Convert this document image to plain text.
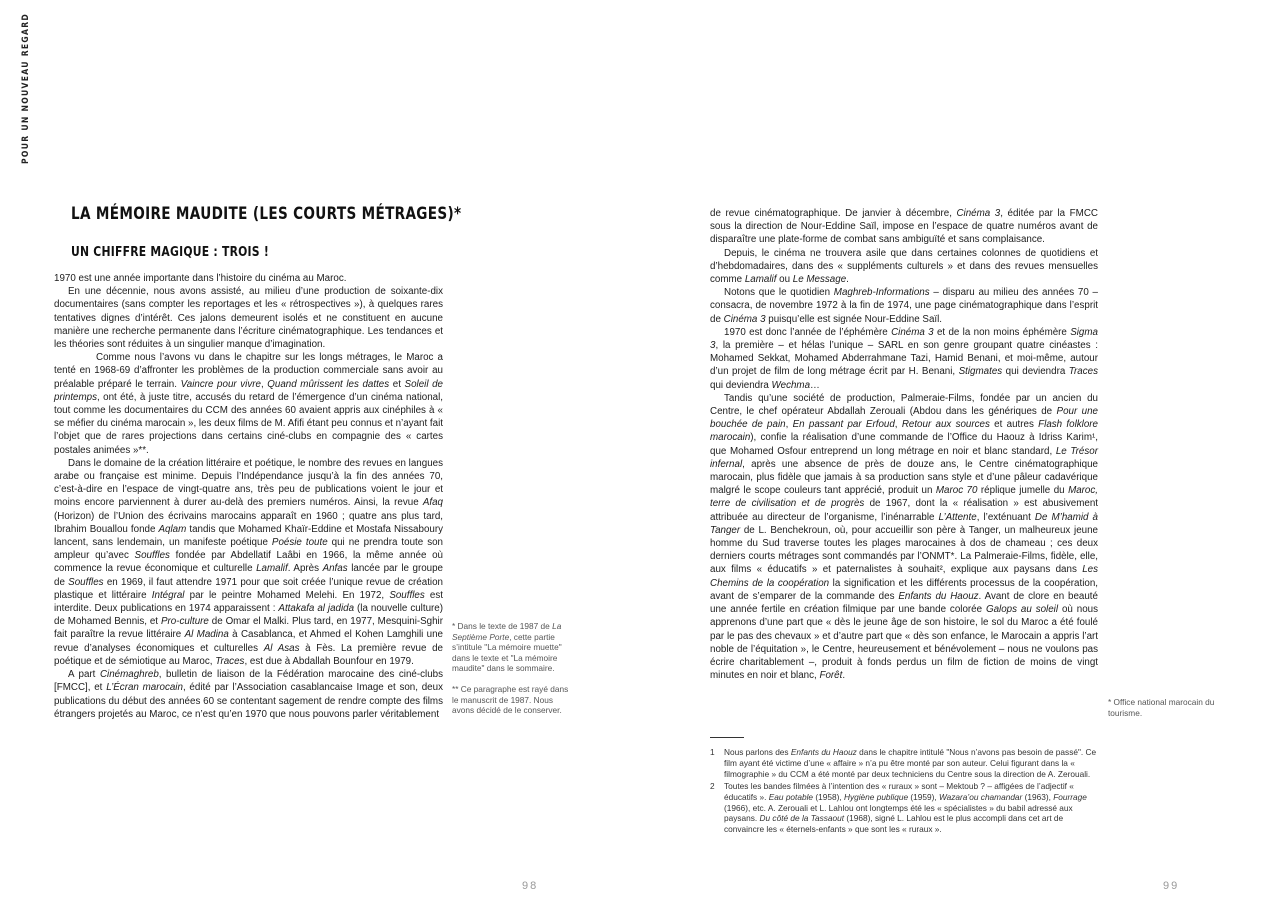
POUR UN NOUVEAU REGARD
LA MÉMOIRE MAUDITE (LES COURTS MÉTRAGES)*
UN CHIFFRE MAGIQUE : TROIS !

1970 est une année importante dans l’histoire du cinéma au Maroc.

En une décennie, nous avons assisté, au milieu d’une production de soixante-dix documentaires (sans compter les reportages et les « rétrospectives »), à quelques rares tentatives dignes d’intérêt. Ces jalons demeurent isolés et ne constituent en aucune manière une recherche permanente dans l’écriture cinématographique. Les tendances et les théories sont réduites à un singulier manque d’imagination.

Comme nous l’avons vu dans le chapitre sur les longs métrages, le Maroc a tenté en 1968-69 d’affronter les problèmes de la production commerciale sans avoir au préalable préparé le terrain. Vaincre pour vivre, Quand mûrissent les dattes et Soleil de printemps, ont été, à juste titre, accusés du retard de l’émergence d’un cinéma national, tout comme les documentaires du CCM des années 60 avaient appris aux cinéphiles à « se méfier du cinéma marocain », les deux films de M. Afifi étant peu connus et n’ayant fait l’objet que de rares projections dans certains ciné-clubs en compagnie des « cartes postales animées »**.

Dans le domaine de la création littéraire et poétique, le nombre des revues en langues arabe ou française est minime. Depuis l’Indépendance jusqu’à la fin des années 70, c’est-à-dire en l’espace de vingt-quatre ans, très peu de publications voient le jour et moins encore parviennent à durer au-delà des premiers numéros. Ainsi, la revue Afaq (Horizon) de l’Union des écrivains marocains apparaît en 1960 ; quatre ans plus tard, Ibrahim Bouallou fonde Aqlam tandis que Mohamed Khaïr-Eddine et Mostafa Nissaboury lancent, sans lendemain, un manifeste poétique Poésie toute qui ne prendra toute son ampleur qu’avec Souffles fondée par Abdellatif Laâbi en 1966, la même année où commence la revue économique et culturelle Lamalif. Après Anfas lancée par le groupe de Souffles en 1969, il faut attendre 1971 pour que soit créée l’unique revue de création plastique et littéraire Intégral par le peintre Mohamed Melehi. En 1972, Souffles est interdite. Deux publications en 1974 apparaissent : Attakafa al jadida (la nouvelle culture) de Mohamed Bennis, et Pro-culture de Omar el Malki. Plus tard, en 1977, Mesquini-Sghir fait paraître la revue littéraire Al Madina à Casablanca, et Ahmed el Kohen Lamghili une revue d’analyses économiques et culturelles Al Asas à Fès. La première revue de poétique et de sémiotique au Maroc, Traces, est due à Abdallah Bounfour en 1979.

A part Cinémaghreb, bulletin de liaison de la Fédération marocaine des ciné-clubs [FMCC], et L’Écran marocain, édité par l’Association casablancaise Image et son, deux publications du début des années 60 se contentant sagement de rendre compte des films étrangers projetés au Maroc, ce n’est qu’en 1970 que nous pouvons parler véritablement

* Dans le texte de 1987 de La Septième Porte, cette partie s’intitule "La mémoire muette" dans le texte et "La mémoire maudite" dans le sommaire.

** Ce paragraphe est rayé dans le manuscrit de 1987. Nous avons décidé de le conserver.

de revue cinématographique. De janvier à décembre, Cinéma 3, éditée par la FMCC sous la direction de Nour-Eddine Saïl, impose en l’espace de quatre numéros avant de disparaître une plate-forme de combat sans ambiguïté et sans complaisance.

Depuis, le cinéma ne trouvera asile que dans certaines colonnes de quotidiens et d’hebdomadaires, dans des « suppléments culturels » et dans des revues mensuelles comme Lamalif ou Le Message.

Notons que le quotidien Maghreb-Informations – disparu au milieu des années 70 – consacra, de novembre 1972 à la fin de 1974, une page cinématographique dans l’esprit de Cinéma 3 puisqu’elle est signée Nour-Eddine Saïl.

1970 est donc l’année de l’éphémère Cinéma 3 et de la non moins éphémère Sigma 3, la première – et hélas l’unique – SARL en son genre groupant quatre cinéastes : Mohamed Sekkat, Mohamed Abderrahmane Tazi, Hamid Benani, et moi-même, autour d’un projet de film de long métrage écrit par H. Benani, Stigmates qui deviendra Traces qui deviendra Wechma…

Tandis qu’une société de production, Palmeraie-Films, fondée par un ancien du Centre, le chef opérateur Abdallah Zerouali (Abdou dans les génériques de Pour une bouchée de pain, En passant par Erfoud, Retour aux sources et autres Flash folklore marocain), confie la réalisation d’une commande de l’Office du Haouz à Idriss Karim¹, que Mohamed Osfour entreprend un long métrage en noir et blanc standard, Le Trésor infernal, après une absence de près de douze ans, le Centre cinématographique marocain, plus fidèle que jamais à sa production sans style et d’une pâleur cadavérique malgré le scope couleurs tant apprécié, produit un Maroc 70 réplique jumelle du Maroc, terre de civilisation et de progrès de 1967, dont la « réalisation » est abusivement attribuée au directeur de l’organisme, l’inénarrable L’Attente, l’exténuant De M’hamid à Tanger de L. Benchekroun, où, pour accueillir son père à Tanger, un malheureux jeune homme du Sud traverse toutes les plages marocaines à dos de chameau ; ces deux derniers courts métrages sont commandés par l’ONMT*. La Palmeraie-Films, fidèle, elle, aux films « éducatifs » et paternalistes à souhait², explique aux paysans dans Les Chemins de la coopération la signification et les différents processus de la coopération, avant de s’emparer de la commande des Enfants du Haouz. Avant de clore en beauté une année fertile en création filmique par une bande colorée Galops au soleil où nous apprenons d’une part que « dès le jeune âge de son histoire, le sol du Maroc a été foulé par le pas des chevaux » et d’autre part que « dès son enfance, le Marocain a appris l’art noble de l’équitation », le Centre, heureusement et bénévolement – nous ne voulons pas écrire charitablement –, produit à fonds perdus un film de fiction de moins de vingt minutes en noir et blanc, Forêt.

* Office national marocain du tourisme.

1 Nous parlons des Enfants du Haouz dans le chapitre intitulé "Nous n’avons pas besoin de passé". Ce film ayant été victime d’une « affaire » n’a pu être monté par son auteur. Celui figurant dans la « filmographie » du CCM a été monté par deux techniciens du Centre sous la direction de A. Zerouali.
2 Toutes les bandes filmées à l’intention des « ruraux » sont – Mektoub ? – affigées de l’adjectif « éducatifs ». Eau potable (1958), Hygiène publique (1959), Wazara’ou chamandar (1963), Fourrage (1966), etc. A. Zerouali et L. Lahlou ont longtemps été les « spécialistes » du babil adressé aux paysans. Du côté de la Tassaout (1968), signé L. Lahlou est le plus accompli dans cet art de convaincre les « éternels-enfants » que sont les « ruraux ».
98	99
